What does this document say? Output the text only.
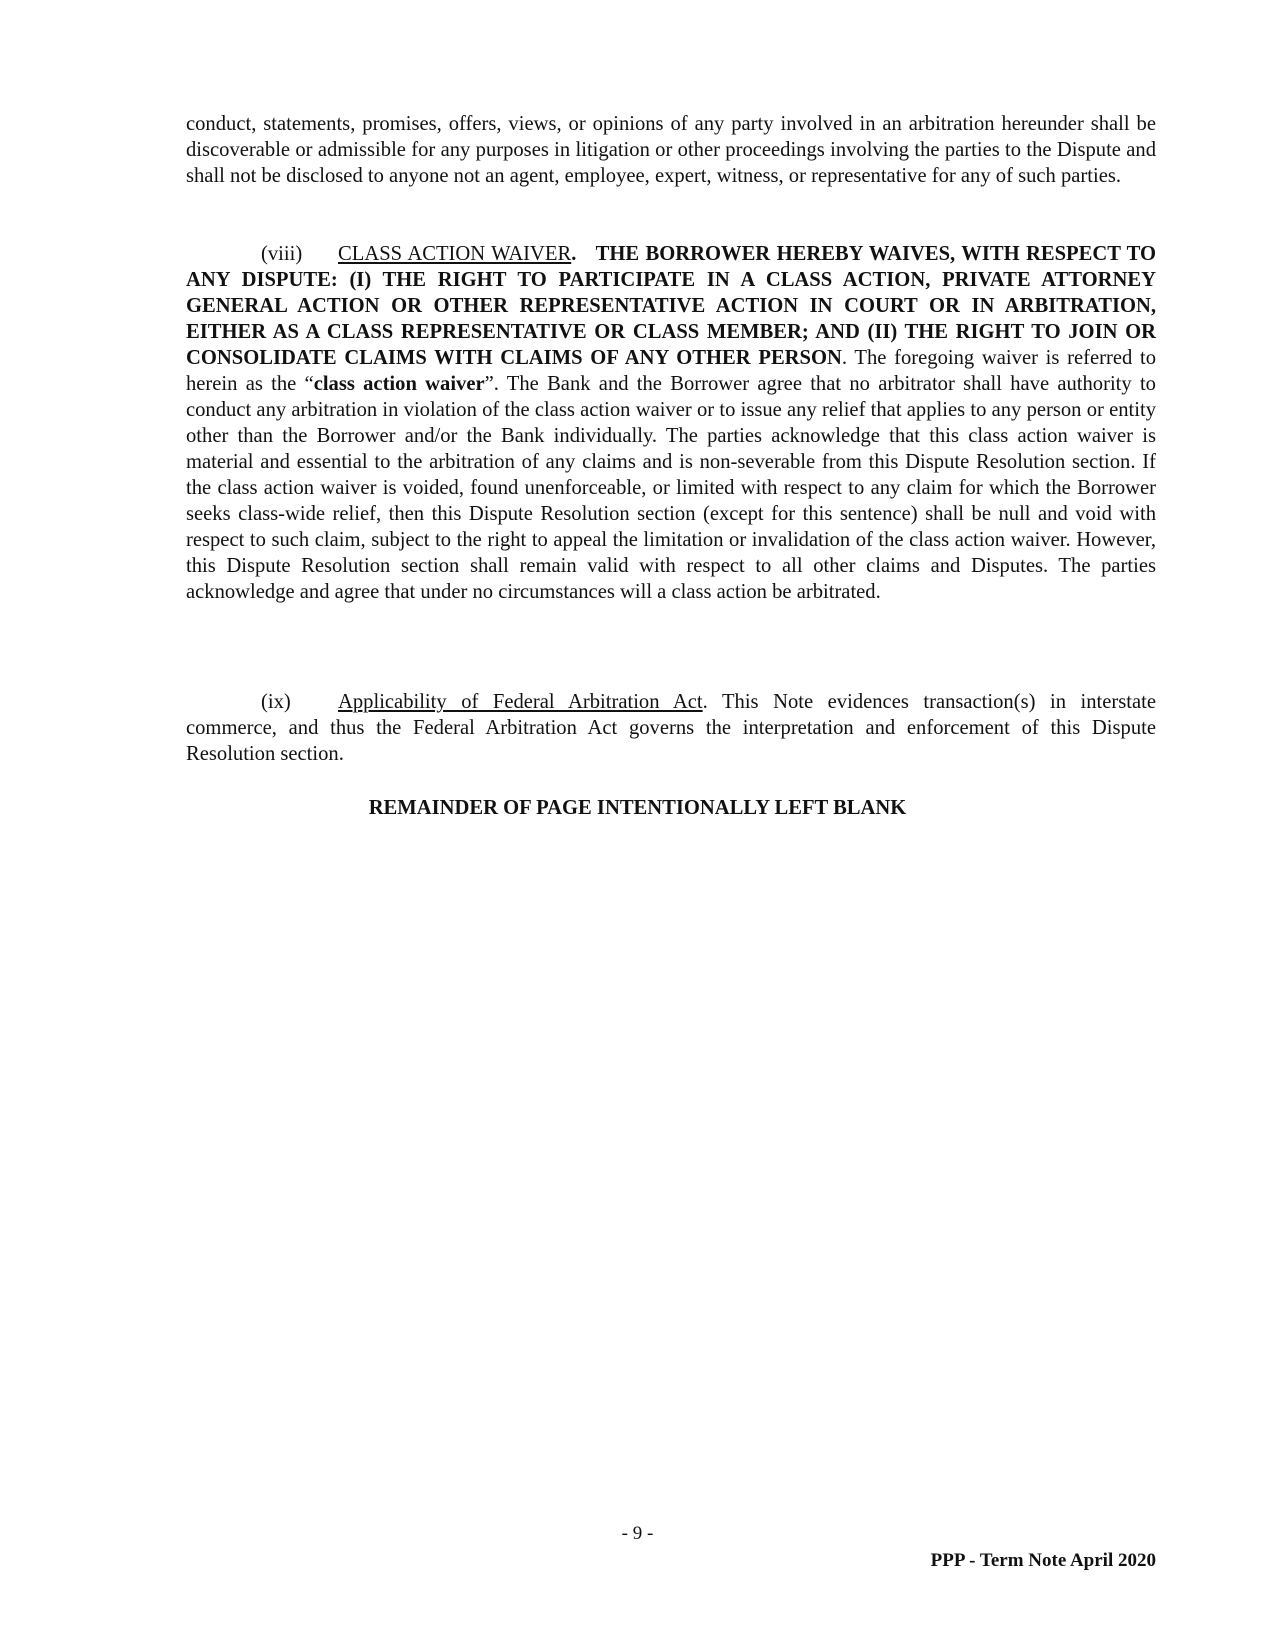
conduct, statements, promises, offers, views, or opinions of any party involved in an arbitration hereunder shall be discoverable or admissible for any purposes in litigation or other proceedings involving the parties to the Dispute and shall not be disclosed to anyone not an agent, employee, expert, witness, or representative for any of such parties.

(viii) CLASS ACTION WAIVER. THE BORROWER HEREBY WAIVES, WITH RESPECT TO ANY DISPUTE: (I) THE RIGHT TO PARTICIPATE IN A CLASS ACTION, PRIVATE ATTORNEY GENERAL ACTION OR OTHER REPRESENTATIVE ACTION IN COURT OR IN ARBITRATION, EITHER AS A CLASS REPRESENTATIVE OR CLASS MEMBER; AND (II) THE RIGHT TO JOIN OR CONSOLIDATE CLAIMS WITH CLAIMS OF ANY OTHER PERSON. The foregoing waiver is referred to herein as the “class action waiver”. The Bank and the Borrower agree that no arbitrator shall have authority to conduct any arbitration in violation of the class action waiver or to issue any relief that applies to any person or entity other than the Borrower and/or the Bank individually. The parties acknowledge that this class action waiver is material and essential to the arbitration of any claims and is non-severable from this Dispute Resolution section. If the class action waiver is voided, found unenforceable, or limited with respect to any claim for which the Borrower seeks class-wide relief, then this Dispute Resolution section (except for this sentence) shall be null and void with respect to such claim, subject to the right to appeal the limitation or invalidation of the class action waiver. However, this Dispute Resolution section shall remain valid with respect to all other claims and Disputes. The parties acknowledge and agree that under no circumstances will a class action be arbitrated.

(ix) Applicability of Federal Arbitration Act. This Note evidences transaction(s) in interstate commerce, and thus the Federal Arbitration Act governs the interpretation and enforcement of this Dispute Resolution section.

REMAINDER OF PAGE INTENTIONALLY LEFT BLANK
- 9 -
PPP - Term Note April 2020
